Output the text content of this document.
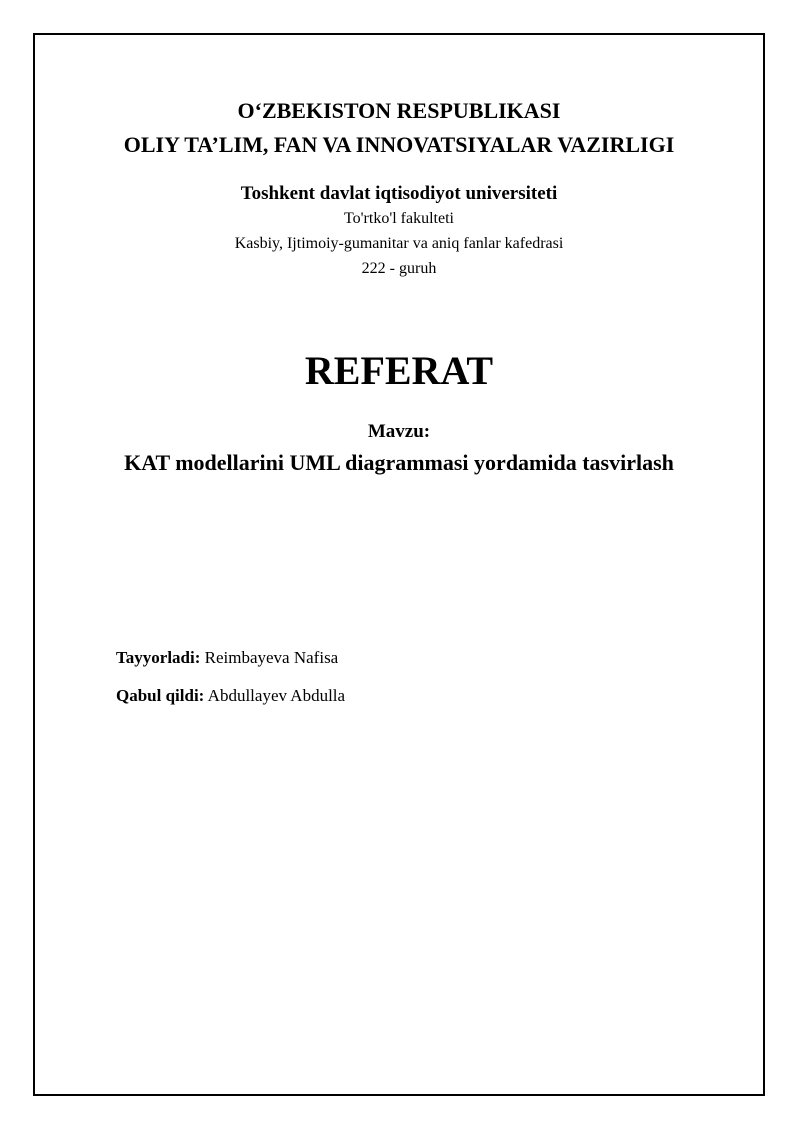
O‘ZBEKISTON RESPUBLIKASI
OLIY TA’LIM, FAN VA INNOVATSIYALAR VAZIRLIGI
Toshkent davlat iqtisodiyot universiteti
To'rtko'l fakulteti
Kasbiy, Ijtimoiy-gumanitar va aniq fanlar kafedrasi
222 - guruh
REFERAT
Mavzu:
KAT modellarini UML diagrammasi yordamida tasvirlash
Tayyorladi: Reimbayeva Nafisa
Qabul qildi: Abdullayev Abdulla
